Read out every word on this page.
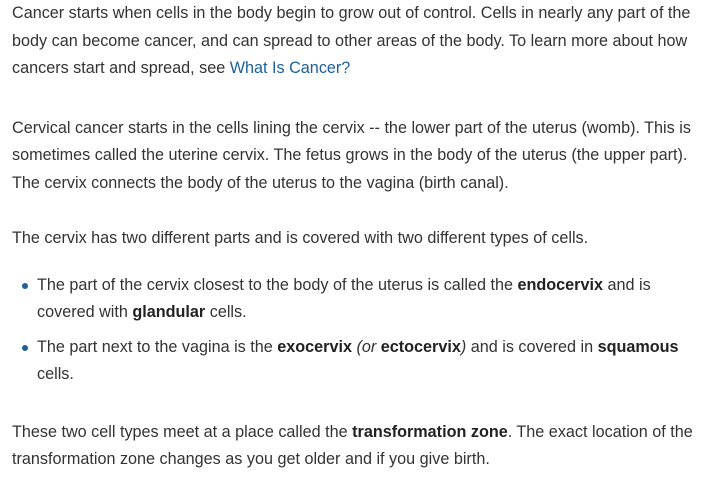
Cancer starts when cells in the body begin to grow out of control. Cells in nearly any part of the body can become cancer, and can spread to other areas of the body. To learn more about how cancers start and spread, see What Is Cancer?

Cervical cancer starts in the cells lining the cervix -- the lower part of the uterus (womb). This is sometimes called the uterine cervix. The fetus grows in the body of the uterus (the upper part). The cervix connects the body of the uterus to the vagina (birth canal).

The cervix has two different parts and is covered with two different types of cells.

The part of the cervix closest to the body of the uterus is called the endocervix and is covered with glandular cells.
The part next to the vagina is the exocervix (or ectocervix) and is covered in squamous cells.

These two cell types meet at a place called the transformation zone. The exact location of the transformation zone changes as you get older and if you give birth.
